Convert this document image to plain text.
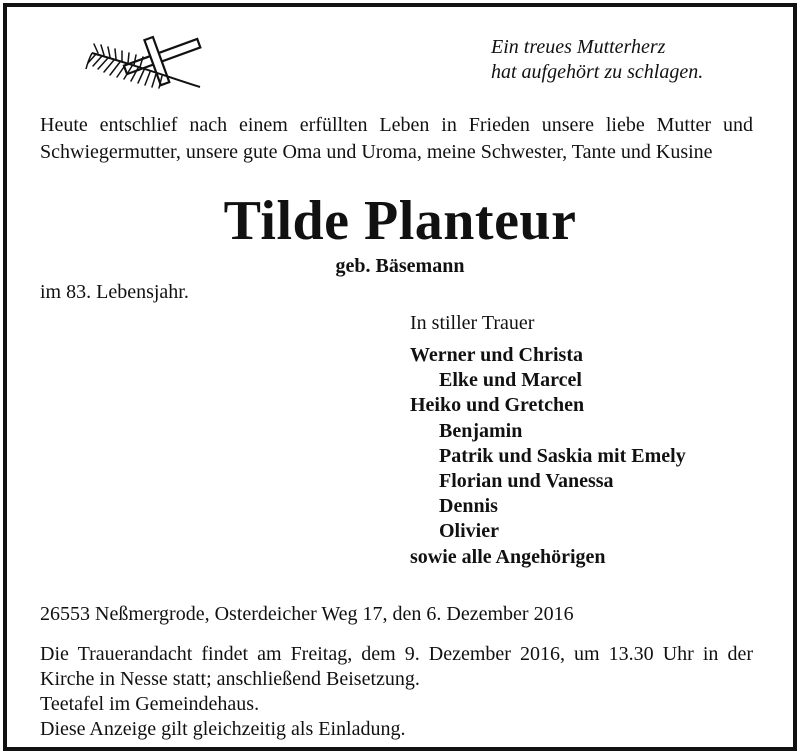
Ein treues Mutterherz
hat aufgehört zu schlagen.
Heute entschlief nach einem erfüllten Leben in Frieden unsere liebe Mutter und Schwiegermutter, unsere gute Oma und Uroma, meine Schwester, Tante und Kusine
Tilde Planteur
geb. Bäsemann
im 83. Lebensjahr.
In stiller Trauer
Werner und Christa
Elke und Marcel
Heiko und Gretchen
Benjamin
Patrik und Saskia mit Emely
Florian und Vanessa
Dennis
Olivier
sowie alle Angehörigen
26553 Neßmergrode, Osterdeicher Weg 17, den 6. Dezember 2016
Die Trauerandacht findet am Freitag, dem 9. Dezember 2016, um 13.30 Uhr in der Kirche in Nesse statt; anschließend Beisetzung.
Teetafel im Gemeindehaus.
Diese Anzeige gilt gleichzeitig als Einladung.
